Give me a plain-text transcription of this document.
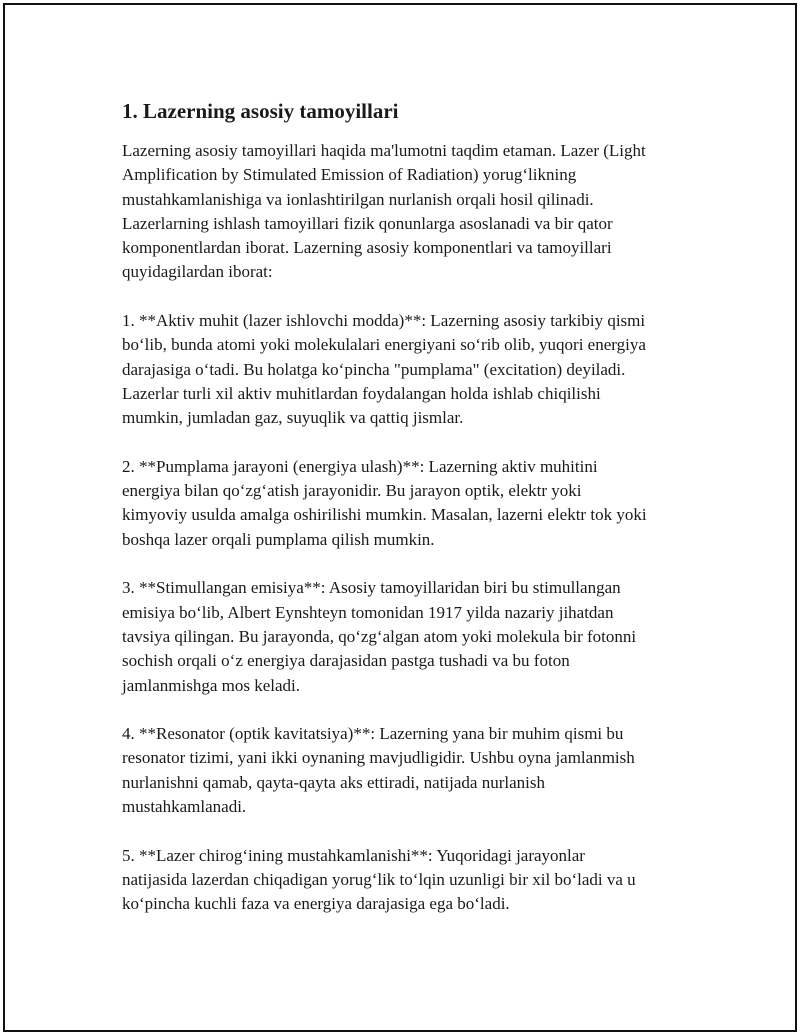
1. Lazerning asosiy tamoyillari

Lazerning asosiy tamoyillari haqida ma'lumotni taqdim etaman. Lazer (Light
Amplification by Stimulated Emission of Radiation) yorug‘likning
mustahkamlanishiga va ionlashtirilgan nurlanish orqali hosil qilinadi.
Lazerlarning ishlash tamoyillari fizik qonunlarga asoslanadi va bir qator
komponentlardan iborat. Lazerning asosiy komponentlari va tamoyillari
quyidagilardan iborat:

1. **Aktiv muhit (lazer ishlovchi modda)**: Lazerning asosiy tarkibiy qismi
bo‘lib, bunda atomi yoki molekulalari energiyani so‘rib olib, yuqori energiya
darajasiga o‘tadi. Bu holatga ko‘pincha "pumplama" (excitation) deyiladi.
Lazerlar turli xil aktiv muhitlardan foydalangan holda ishlab chiqilishi
mumkin, jumladan gaz, suyuqlik va qattiq jismlar.

2. **Pumplama jarayoni (energiya ulash)**: Lazerning aktiv muhitini
energiya bilan qo‘zg‘atish jarayonidir. Bu jarayon optik, elektr yoki
kimyoviy usulda amalga oshirilishi mumkin. Masalan, lazerni elektr tok yoki
boshqa lazer orqali pumplama qilish mumkin.

3. **Stimullangan emisiya**: Asosiy tamoyillaridan biri bu stimullangan
emisiya bo‘lib, Albert Eynshteyn tomonidan 1917 yilda nazariy jihatdan
tavsiya qilingan. Bu jarayonda, qo‘zg‘algan atom yoki molekula bir fotonni
sochish orqali o‘z energiya darajasidan pastga tushadi va bu foton
jamlanmishga mos keladi.

4. **Resonator (optik kavitatsiya)**: Lazerning yana bir muhim qismi bu
resonator tizimi, yani ikki oynaning mavjudligidir. Ushbu oyna jamlanmish
nurlanishni qamab, qayta-qayta aks ettiradi, natijada nurlanish
mustahkamlanadi.

5. **Lazer chirog‘ining mustahkamlanishi**: Yuqoridagi jarayonlar
natijasida lazerdan chiqadigan yorug‘lik to‘lqin uzunligi bir xil bo‘ladi va u
ko‘pincha kuchli faza va energiya darajasiga ega bo‘ladi.
